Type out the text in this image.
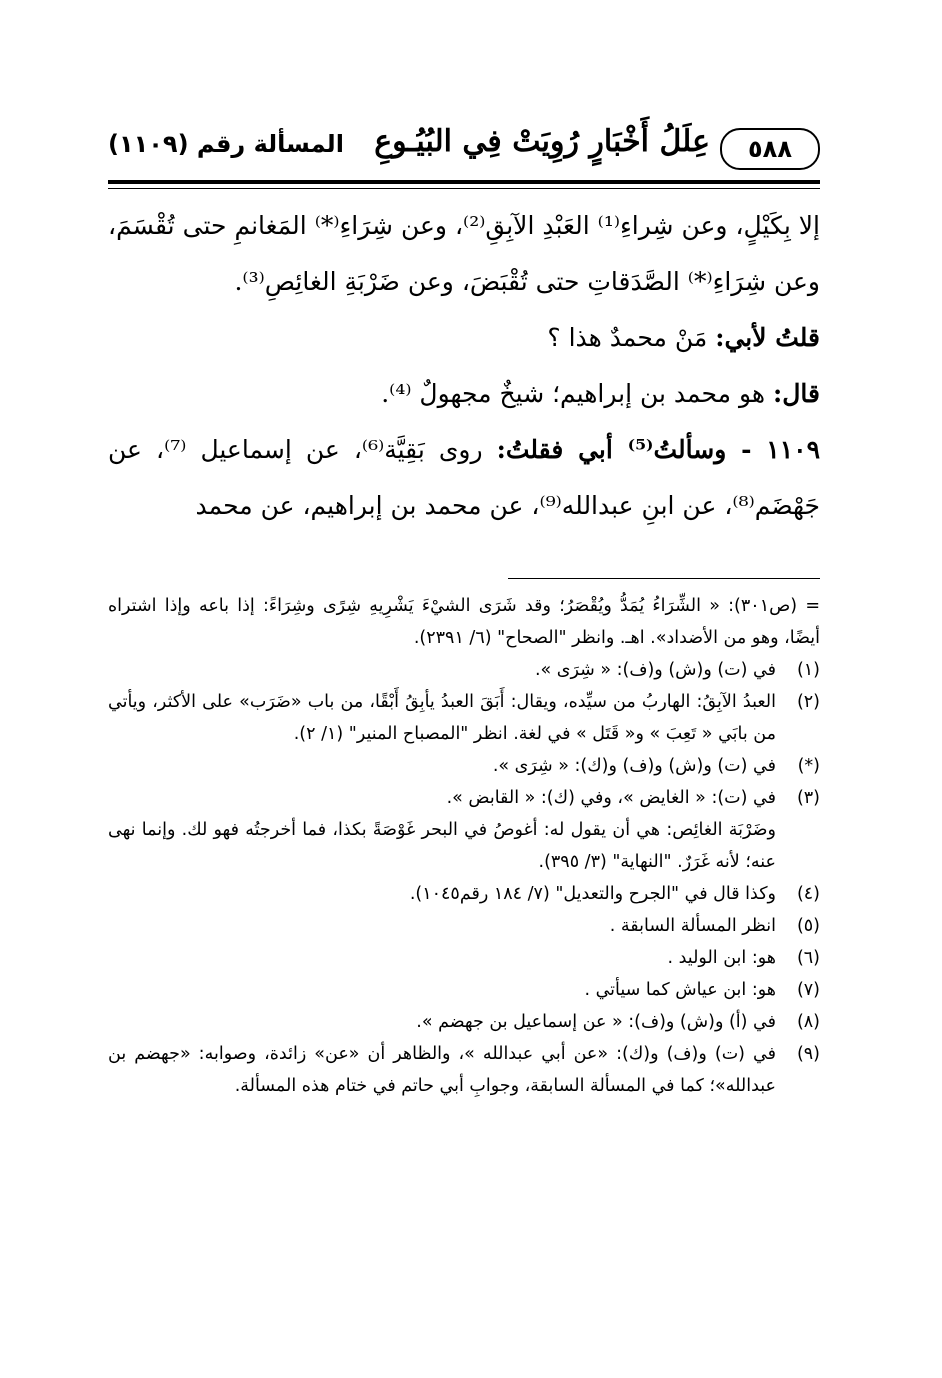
٥٨٨
عِلَلُ أَخْبَارٍ رُوِيَتْ فِي البُيُـوعِ
المسألة رقم (١١٠٩)

إلا بِكَيْلٍ، وعن شِراءِ⁽¹⁾ العَبْدِ الآبِقِ⁽²⁾، وعن شِرَاءِ⁽*⁾ المَغانمِ حتى تُقْسَمَ، وعن شِرَاءِ⁽*⁾ الصَّدَقاتِ حتى تُقْبَضَ، وعن ضَرْبَةِ الغائِصِ⁽³⁾.

قلتُ لأبي: مَنْ محمدٌ هذا ؟

قال: هو محمد بن إبراهيم؛ شيخٌ مجهولٌ ⁽⁴⁾.

١١٠٩ - وسألتُ⁽⁵⁾ أبي فقلتُ: روى بَقِيَّة⁽⁶⁾، عن إسماعيل ⁽⁷⁾، عن جَهْضَم⁽⁸⁾، عن ابنِ عبدالله⁽⁹⁾، عن محمد بن إبراهيم، عن محمد

= (ص٣٠١): « الشِّرَاءُ يُمَدُّ ويُقْصَرُ؛ وقد شَرَى الشيْءَ يَشْرِيهِ شِرًى وشِرَاءً: إذا باعه وإذا اشتراه أيضًا، وهو من الأضداد». اهـ. وانظر "الصحاح" (٦/ ٢٣٩١).

(١)
في (ت) و(ش) و(ف): « شِرَى ».
(٢)
العبدُ الآبِقُ: الهاربُ من سيِّده، ويقال: أَبَقَ العبدُ يأبِقُ أَبْقًا، من باب «ضَرَب» على الأكثر، ويأتي من بابَي « تَعِبَ » و« قَتَل » في لغة. انظر "المصباح المنير" (١/ ٢).
(*)
في (ت) و(ش) و(ف) و(ك): « شِرَى ».
(٣)
في (ت): « الغايض »، وفي (ك): « القابض ».
وضَرْبَة الغائِص: هي أن يقول له: أغوصُ في البحر غَوْصَةً بكذا، فما أخرجتُه فهو لك. وإنما نهى عنه؛ لأنه غَرَرٌ. "النهاية" (٣/ ٣٩٥).
(٤)
وكذا قال في "الجرح والتعديل" (٧/ ١٨٤ رقم١٠٤٥).
(٥)
انظر المسألة السابقة .
(٦)
هو: ابن الوليد .
(٧)
هو: ابن عياش كما سيأتي .
(٨)
في (أ) و(ش) و(ف): « عن إسماعيل بن جهضم ».
(٩)
في (ت) و(ف) و(ك): «عن أبي عبدالله »، والظاهر أن «عن» زائدة، وصوابه: «جهضم بن عبدالله»؛ كما في المسألة السابقة، وجوابِ أبي حاتم في ختام هذه المسألة.
